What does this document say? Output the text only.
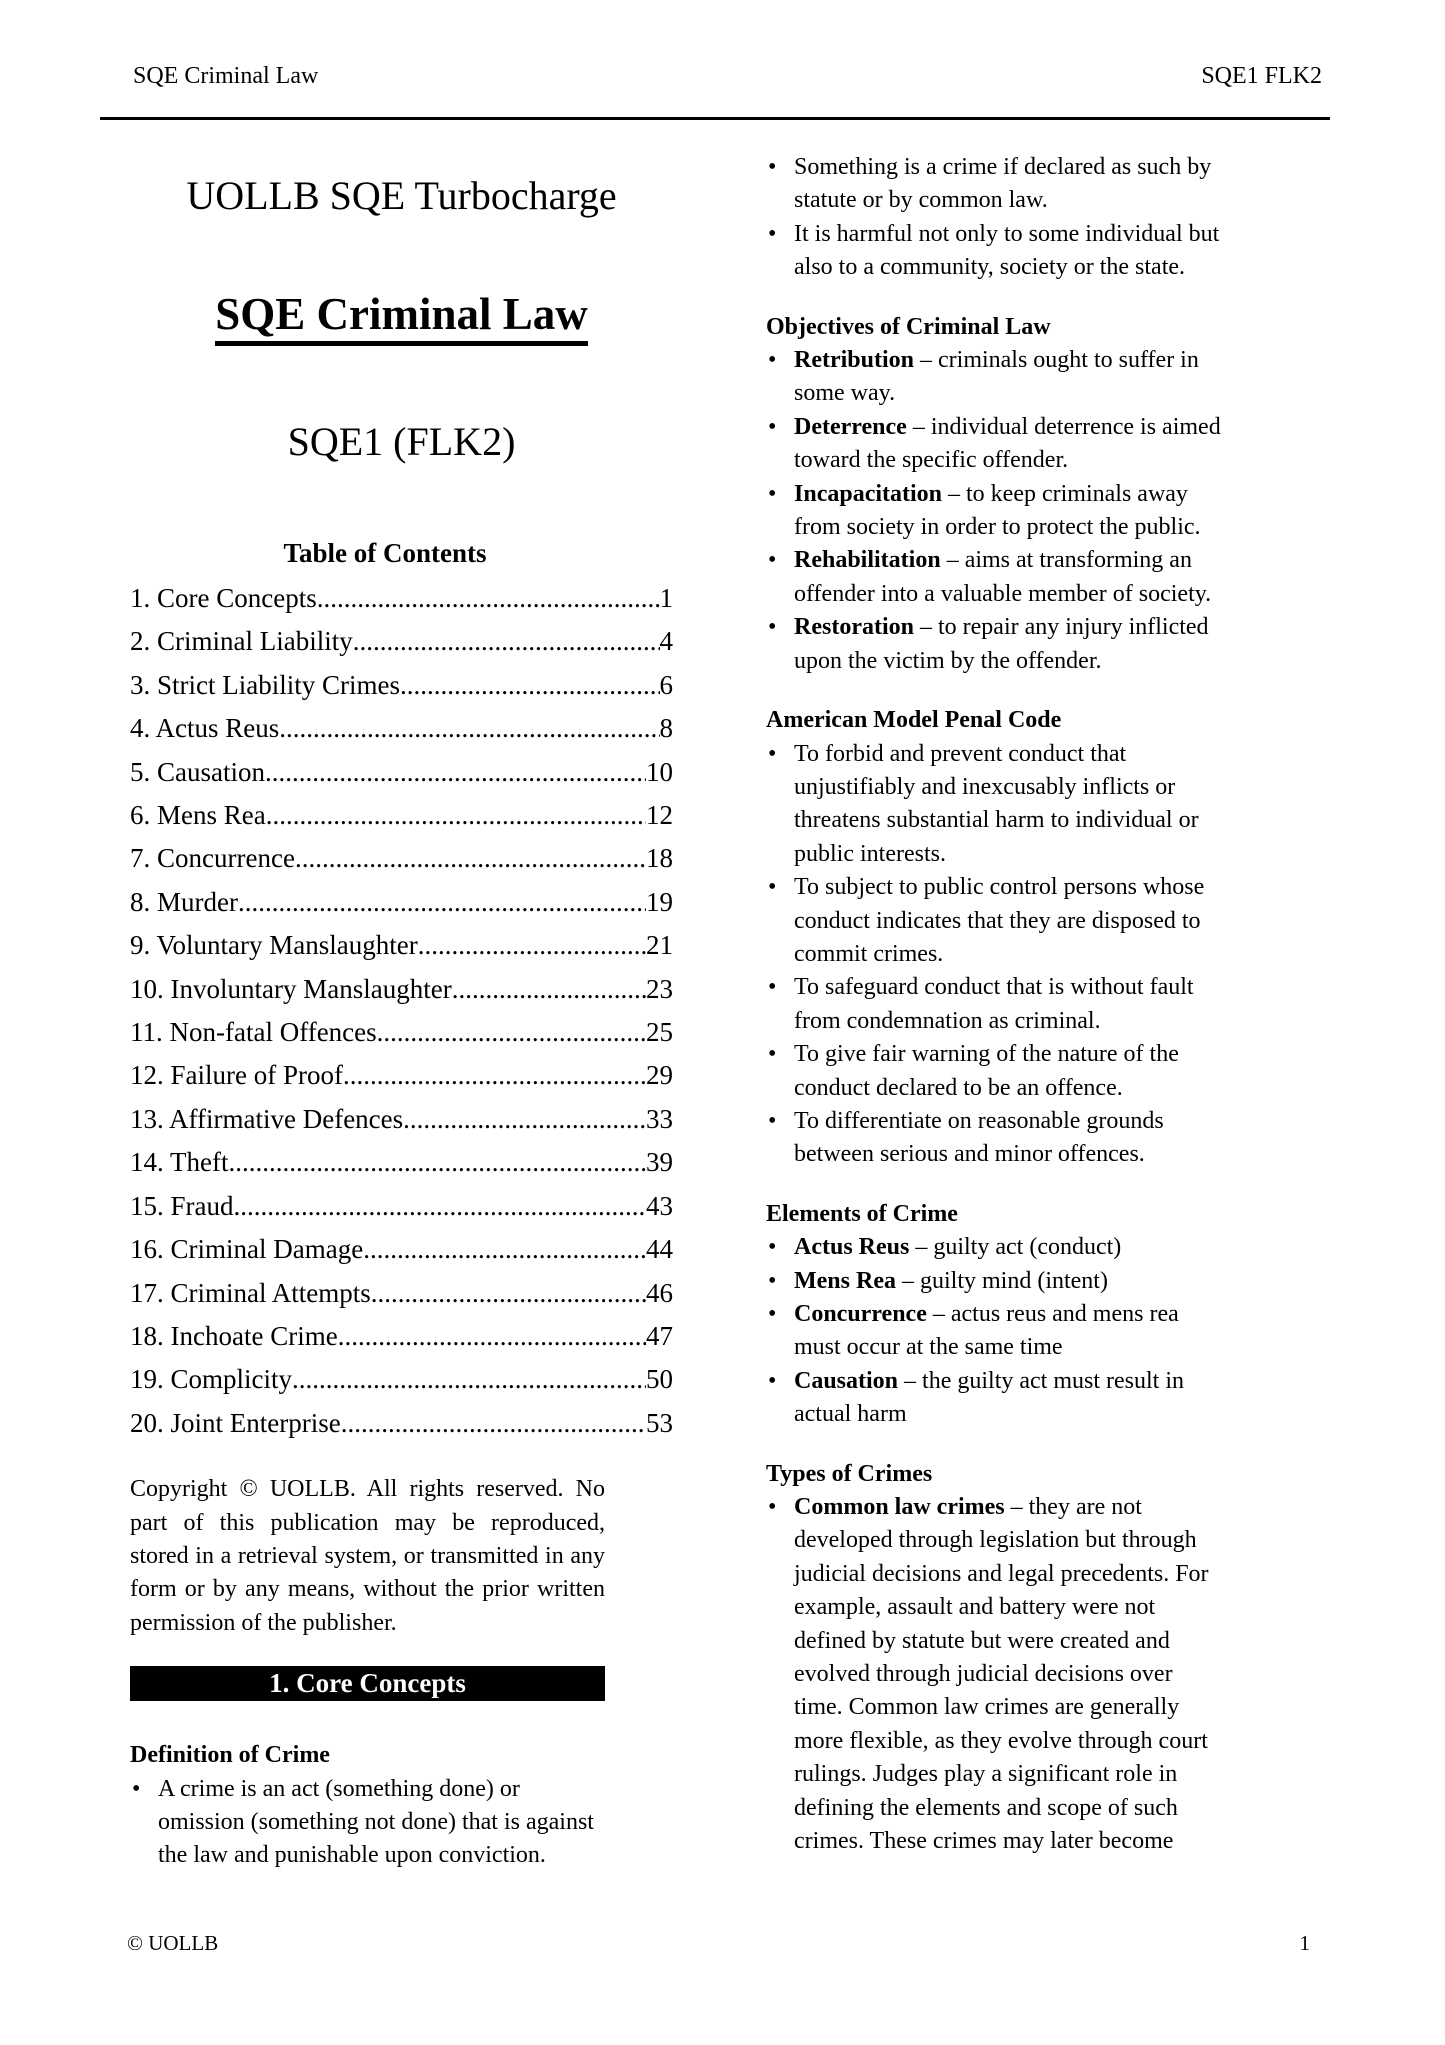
SQE Criminal Law	SQE1 FLK2
UOLLB SQE Turbocharge
SQE Criminal Law
SQE1 (FLK2)
Table of Contents
1. Core Concepts .....	1
2. Criminal Liability .....	4
3. Strict Liability Crimes .....	6
4. Actus Reus .....	8
5. Causation .....	10
6. Mens Rea .....	12
7. Concurrence .....	18
8. Murder .....	19
9. Voluntary Manslaughter .....	21
10. Involuntary Manslaughter .....	23
11. Non-fatal Offences .....	25
12. Failure of Proof .....	29
13. Affirmative Defences .....	33
14. Theft .....	39
15. Fraud .....	43
16. Criminal Damage .....	44
17. Criminal Attempts .....	46
18. Inchoate Crime .....	47
19. Complicity .....	50
20. Joint Enterprise .....	53

Copyright © UOLLB. All rights reserved. No part of this publication may be reproduced, stored in a retrieval system, or transmitted in any form or by any means, without the prior written permission of the publisher.

1. Core Concepts
Definition of Crime
• A crime is an act (something done) or omission (something not done) that is against the law and punishable upon conviction.
• Something is a crime if declared as such by statute or by common law.
• It is harmful not only to some individual but also to a community, society or the state.
Objectives of Criminal Law
• Retribution – criminals ought to suffer in some way.
• Deterrence – individual deterrence is aimed toward the specific offender.
• Incapacitation – to keep criminals away from society in order to protect the public.
• Rehabilitation – aims at transforming an offender into a valuable member of society.
• Restoration – to repair any injury inflicted upon the victim by the offender.
American Model Penal Code
• To forbid and prevent conduct that unjustifiably and inexcusably inflicts or threatens substantial harm to individual or public interests.
• To subject to public control persons whose conduct indicates that they are disposed to commit crimes.
• To safeguard conduct that is without fault from condemnation as criminal.
• To give fair warning of the nature of the conduct declared to be an offence.
• To differentiate on reasonable grounds between serious and minor offences.
Elements of Crime
• Actus Reus – guilty act (conduct)
• Mens Rea – guilty mind (intent)
• Concurrence – actus reus and mens rea must occur at the same time
• Causation – the guilty act must result in actual harm
Types of Crimes
• Common law crimes – they are not developed through legislation but through judicial decisions and legal precedents. For example, assault and battery were not defined by statute but were created and evolved through judicial decisions over time. Common law crimes are generally more flexible, as they evolve through court rulings. Judges play a significant role in defining the elements and scope of such crimes. These crimes may later become
© UOLLB	1
